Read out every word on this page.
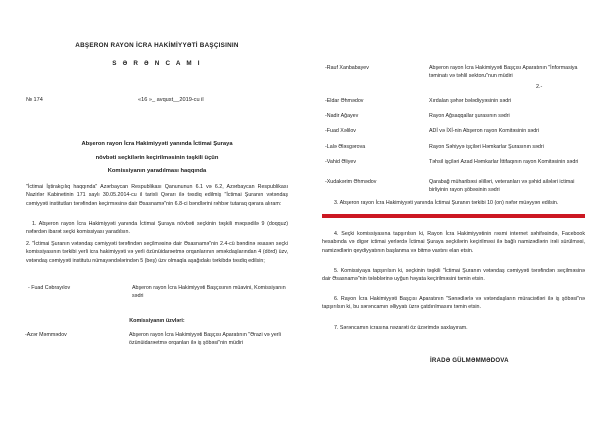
ABŞERON RAYON İCRA HAKİMİYYƏTİ BAŞÇISININ
S Ə R Ə N C A M I
№ 174	«16 »_ avqust__2019-cu il
Abşeron rayon İcra Hakimiyyəti yanında İctimai Şuraya
növbəti seçkilərin keçirilməsinin təşkili üçün
Komissiyanın yaradılması haqqında
"İctimai İştirakçılıq haqqında" Azərbaycan Respublikası Qanununun 6.1 və 6.2, Azərbaycan Respublikası Nazirlər Kabinetinin 171 saylı 30.05.2014-cu il tarixli Qərarı ilə təsdiq edilmiş "İctimai Şuranın vətəndaş cəmiyyəti institutları tərəfindən keçirməsinə dair Əsasnamə"nin 6.8-ci bəndlərini rəhbər tutaraq qərara alıram:
1. Abşeron rayon İcra Hakimiyyəti yanında İctimai Şuraya növbəti seçkinin təşkili məqsədilə 9 (doqquz) nəfərdən ibarət seçki komissiyası yaradılsın.
2. "İctimai Şuranın vətəndaş cəmiyyəti tərəfindən seçilməsinə dair Əsasnamə"nin 2.4-cü bəndinə əsasən seçki komissiyasının tərkibi yerli icra hakimiyyəti və yerli özünüidarəetmə orqanlarının əməkdaşlarından 4 (dörd) üzv, vətəndaş cəmiyyəti institutu nümayəndələrindən 5 (beş) üzv olmaqla aşağıdakı tərkibdə təsdiq edilsin;
- Fuad Cəbrayılov	Abşeron rayon İcra Hakimiyyəti Başçısının müavini, Komissiyanın sədri
Komissiyanın üzvləri:
-Azər Məmmədov	Abşeron rayon İcra Hakimiyyəti Başçısı Aparatının "Ərazi və yerli özünüidarəetmə orqanları ilə iş şöbəsi"nin müdiri
-Rauf Xanbabayev	Abşeron rayon İcra Hakimiyyəti Başçısı Aparatının "İnformasiya təminatı və təhlil sektoru"nun müdiri
2.-
-Eldar Əhmədov	Xırdalan şəhər bələdiyyəsinin sədri
-Nadir Ağayev	Rayon Ağsaqqallar şurasının sədri
-Fuad Xəlilov	ADİ və İXİ-nin Abşeron rayon Komitəsinin sədri
-Lalə Ələsgərova	Rayon Səhiyyə işçiləri Həmkarlar Şurasının sədri
-Vahid Əliyev	Təhsil işçiləri Azad Həmkarlar İttifaqının rayon Komitəsinin sədri
-Xudakərim Əhmədov	Qarabağ müharibəsi əlilləri, veteranları və şəhid ailələri ictimai birliyinin rayon şöbəsinin sədri
3. Abşeron rayon İcra Hakimiyyəti yanında İctimai Şuranın tərkibi 10 (on) nəfər müəyyən edilsin.
4. Seçki komissiyasına tapşırılsın ki, Rayon İcra Hakimiyyətinin rəsmi internet səhifəsində, Facebook hesabında və digər ictimai yerlərdə İctimai Şuraya seçkilərin keçirilməsi ilə bağlı namizədlərin irəli sürülməsi, namizədlərin qeydiyyatının başlanma və bitmə vaxtını elan etsin.
5. Komissiyaya tapşırılsın ki, seçkinin təşkili "İctimai Şuranın vətəndaş cəmiyyəti tərəfindən seçilməsinə dair Əsasnamə"nin tələblərinə uyğun həyata keçirilməsini təmin etsin.
6. Rayon İcra Hakimiyyəti Başçısı Aparatının "Sənədlərlə və vətəndaşların müraciətləri ilə iş şöbəsi"nə tapşırılsın ki, bu sərəncamın əlliyyatı üzrə çatdırılmasını təmin etsin.
7. Sərəncamın icrasına nəzarəti öz üzərimdə saxlayıram.
İRADƏ GÜLMƏMMƏDOVA
